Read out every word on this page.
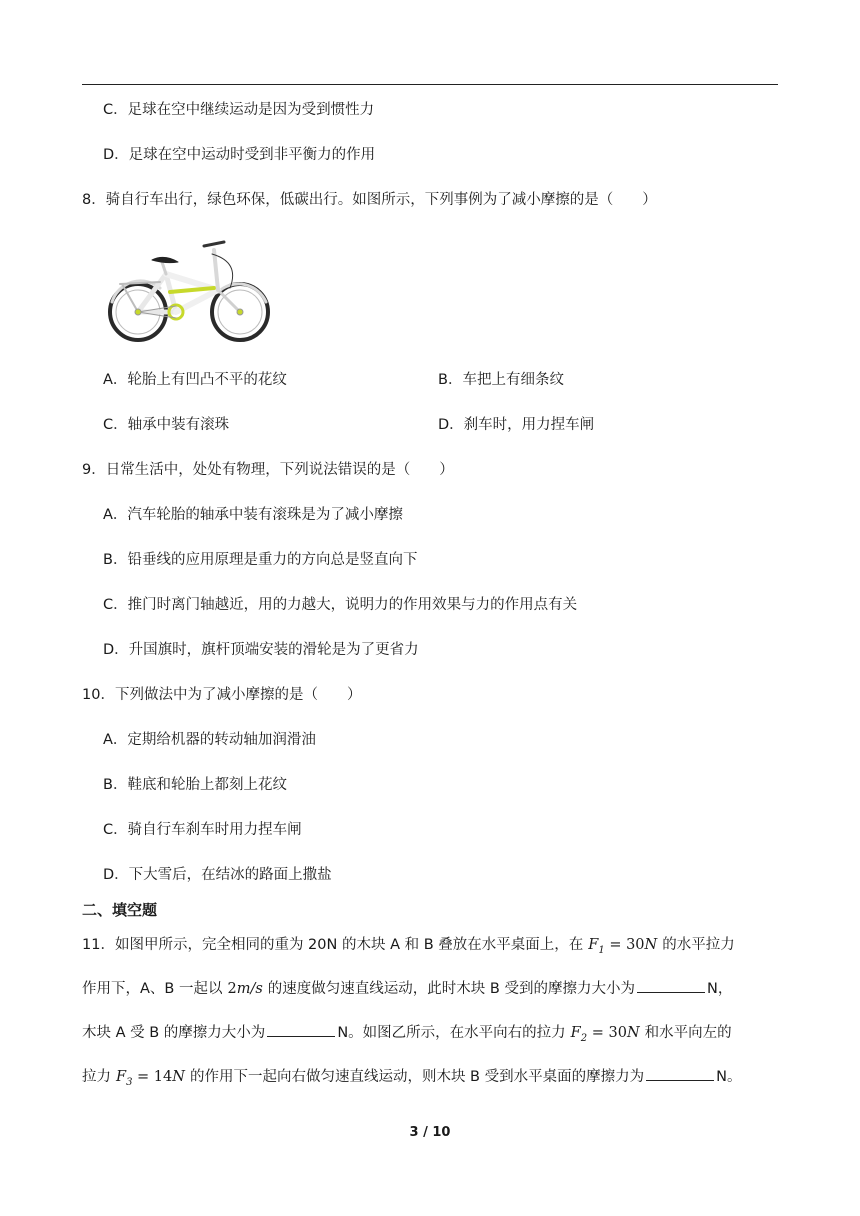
C．足球在空中继续运动是因为受到惯性力
D．足球在空中运动时受到非平衡力的作用
8．骑自行车出行，绿色环保，低碳出行。如图所示，下列事例为了减小摩擦的是（　　）
A．轮胎上有凹凸不平的花纹	B．车把上有细条纹
C．轴承中装有滚珠	D．刹车时，用力捏车闸
9．日常生活中，处处有物理，下列说法错误的是（　　）
A．汽车轮胎的轴承中装有滚珠是为了减小摩擦
B．铅垂线的应用原理是重力的方向总是竖直向下
C．推门时离门轴越近，用的力越大，说明力的作用效果与力的作用点有关
D．升国旗时，旗杆顶端安装的滑轮是为了更省力
10．下列做法中为了减小摩擦的是（　　）
A．定期给机器的转动轴加润滑油
B．鞋底和轮胎上都刻上花纹
C．骑自行车刹车时用力捏车闸
D．下大雪后，在结冰的路面上撒盐
二、填空题
11．如图甲所示，完全相同的重为 20N 的木块 A 和 B 叠放在水平桌面上，在 $F_1 = 30N$ 的水平拉力
作用下，A、B 一起以 2m/s 的速度做匀速直线运动，此时木块 B 受到的摩擦力大小为	N，
木块 A 受 B 的摩擦力大小为	N。如图乙所示，在水平向右的拉力 $F_2 = 30N$ 和水平向左的
拉力 $F_3 = 14N$ 的作用下一起向右做匀速直线运动，则木块 B 受到水平桌面的摩擦力为	N。
3 / 10
